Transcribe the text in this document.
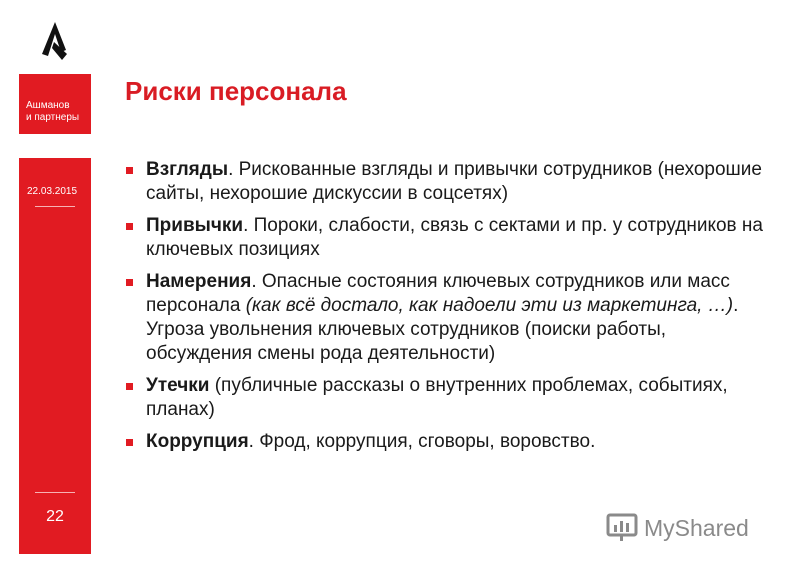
Ашманов
и партнеры
22.03.2015
22
Риски персонала
Взгляды. Рискованные взгляды и привычки сотрудников (нехорошие сайты, нехорошие дискуссии в соцсетях)
Привычки. Пороки, слабости, связь с сектами и пр. у сотрудников на ключевых позициях
Намерения. Опасные состояния ключевых сотрудников или масс персонала (как всё достало, как надоели эти из маркетинга, …). Угроза увольнения ключевых сотрудников (поиски работы, обсуждения смены рода деятельности)
Утечки (публичные рассказы о внутренних проблемах, событиях, планах)
Коррупция. Фрод, коррупция, сговоры, воровство.
MyShared
